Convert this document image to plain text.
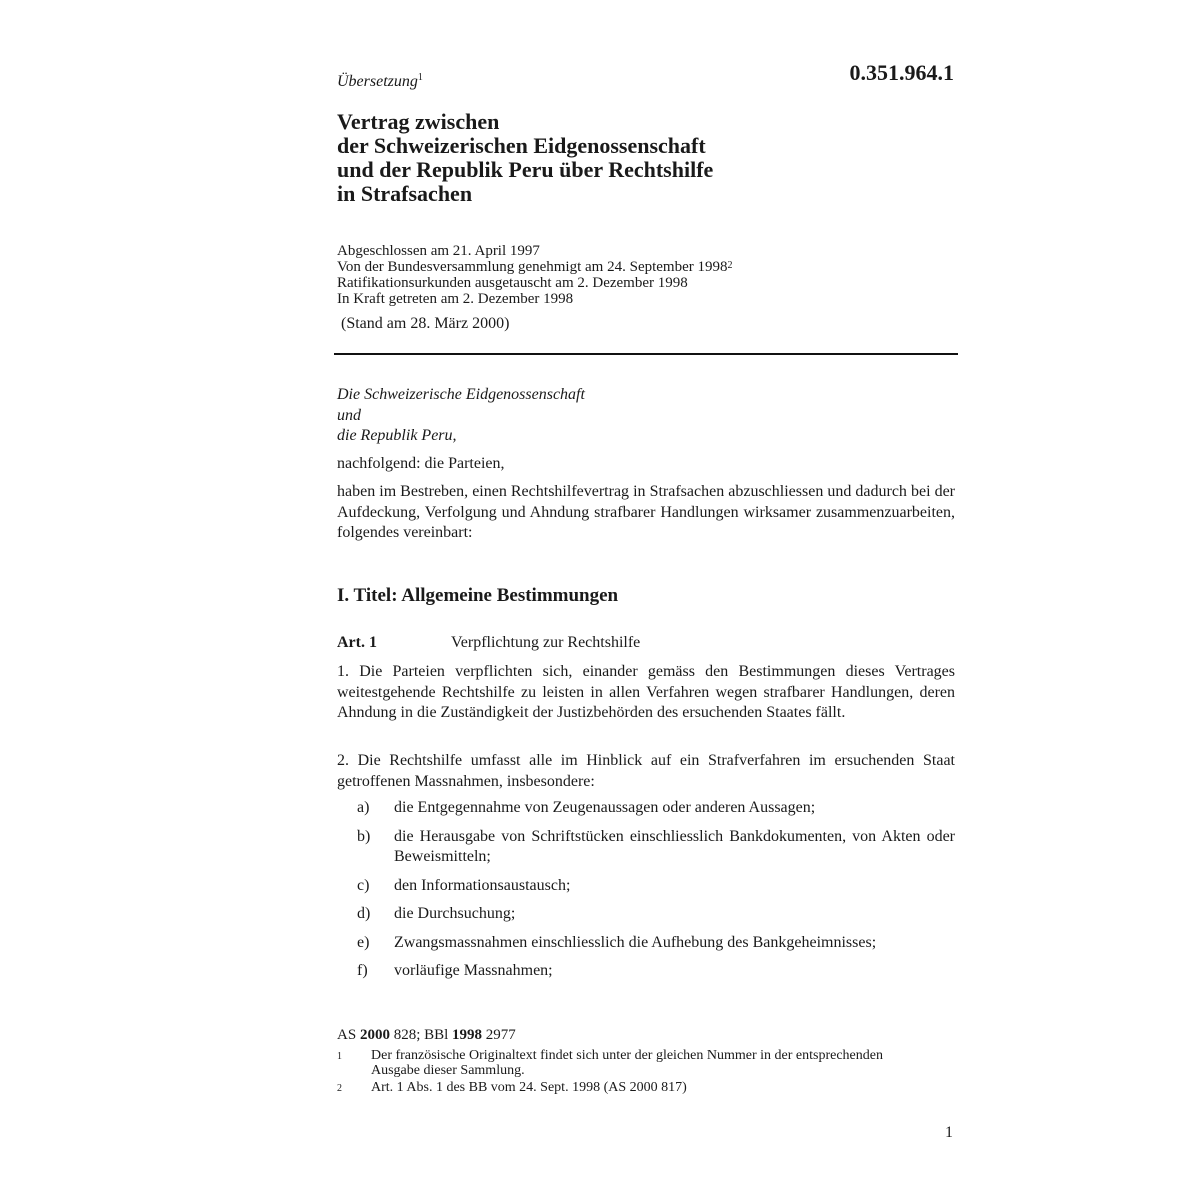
Übersetzung$^1$	0.351.964.1
Vertrag zwischen
der Schweizerischen Eidgenossenschaft
und der Republik Peru über Rechtshilfe
in Strafsachen
Abgeschlossen am 21. April 1997
Von der Bundesversammlung genehmigt am 24. September 1998$^2$
Ratifikationsurkunden ausgetauscht am 2. Dezember 1998
In Kraft getreten am 2. Dezember 1998
(Stand am 28. März 2000)
Die Schweizerische Eidgenossenschaft
und
die Republik Peru,
nachfolgend: die Parteien,
haben im Bestreben, einen Rechtshilfevertrag in Strafsachen abzuschliessen und dadurch bei der Aufdeckung, Verfolgung und Ahndung strafbarer Handlungen wirksamer zusammenzuarbeiten, folgendes vereinbart:
I. Titel: Allgemeine Bestimmungen
Art. 1	Verpflichtung zur Rechtshilfe
1. Die Parteien verpflichten sich, einander gemäss den Bestimmungen dieses Vertrages weitestgehende Rechtshilfe zu leisten in allen Verfahren wegen strafbarer Handlungen, deren Ahndung in die Zuständigkeit der Justizbehörden des ersuchenden Staates fällt.
2. Die Rechtshilfe umfasst alle im Hinblick auf ein Strafverfahren im ersuchenden Staat getroffenen Massnahmen, insbesondere:
a)	die Entgegennahme von Zeugenaussagen oder anderen Aussagen;
b)	die Herausgabe von Schriftstücken einschliesslich Bankdokumenten, von Akten oder Beweismitteln;
c)	den Informationsaustausch;
d)	die Durchsuchung;
e)	Zwangsmassnahmen einschliesslich die Aufhebung des Bankgeheimnisses;
f)	vorläufige Massnahmen;
AS 2000 828; BBl 1998 2977
1	Der französische Originaltext findet sich unter der gleichen Nummer in der entsprechenden Ausgabe dieser Sammlung.
2	Art. 1 Abs. 1 des BB vom 24. Sept. 1998 (AS 2000 817)
1
